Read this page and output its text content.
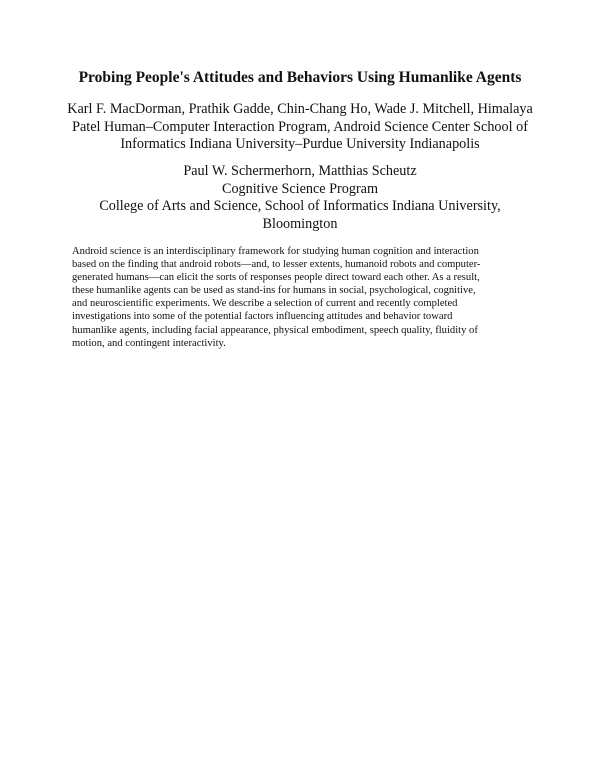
Probing People's Attitudes and Behaviors Using Humanlike Agents
Karl F. MacDorman, Prathik Gadde, Chin-Chang Ho, Wade J. Mitchell, Himalaya
Patel Human–Computer Interaction Program, Android Science Center School of
Informatics Indiana University–Purdue University Indianapolis
Paul W. Schermerhorn, Matthias Scheutz
Cognitive Science Program
College of Arts and Science, School of Informatics Indiana University,
Bloomington
Android science is an interdisciplinary framework for studying human cognition and interaction
based on the finding that android robots—and, to lesser extents, humanoid robots and computer-
generated humans—can elicit the sorts of responses people direct toward each other. As a result,
these humanlike agents can be used as stand-ins for humans in social, psychological, cognitive,
and neuroscientific experiments. We describe a selection of current and recently completed
investigations into some of the potential factors influencing attitudes and behavior toward
humanlike agents, including facial appearance, physical embodiment, speech quality, fluidity of
motion, and contingent interactivity.
